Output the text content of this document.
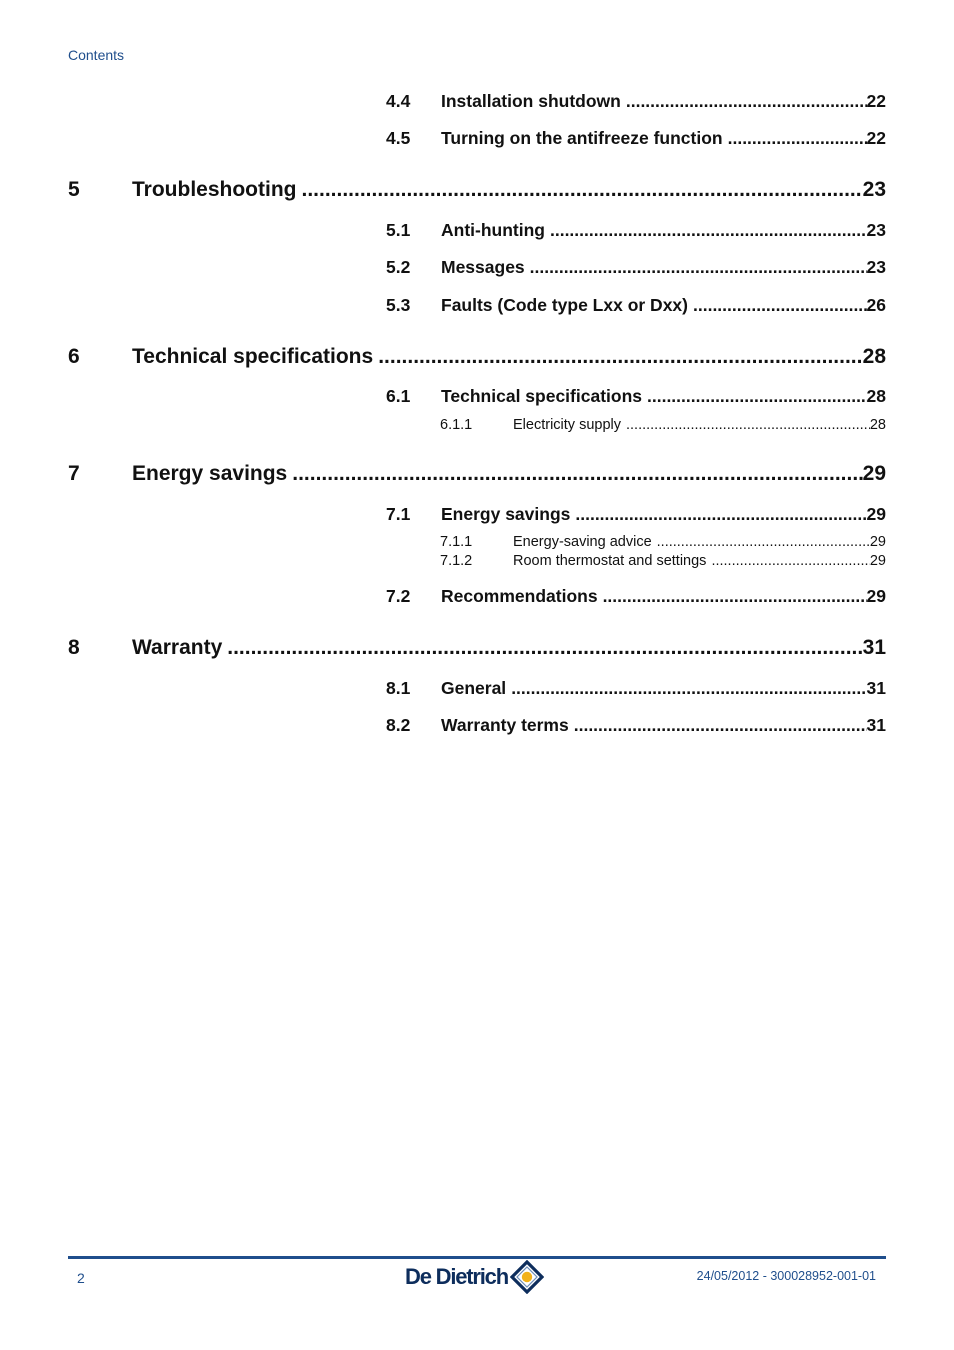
Contents
4.4	Installation shutdown .....	22
4.5	Turning on the antifreeze function .....	22
5	Troubleshooting .....	23
5.1	Anti-hunting .....	23
5.2	Messages .....	23
5.3	Faults (Code type Lxx or Dxx) .....	26
6	Technical specifications .....	28
6.1	Technical specifications .....	28
6.1.1	Electricity supply .....	28
7	Energy savings .....	29
7.1	Energy savings .....	29
7.1.1	Energy-saving advice .....	29
7.1.2	Room thermostat and settings .....	29
7.2	Recommendations .....	29
8	Warranty .....	31
8.1	General .....	31
8.2	Warranty terms .....	31
2	De Dietrich	24/05/2012 - 300028952-001-01
